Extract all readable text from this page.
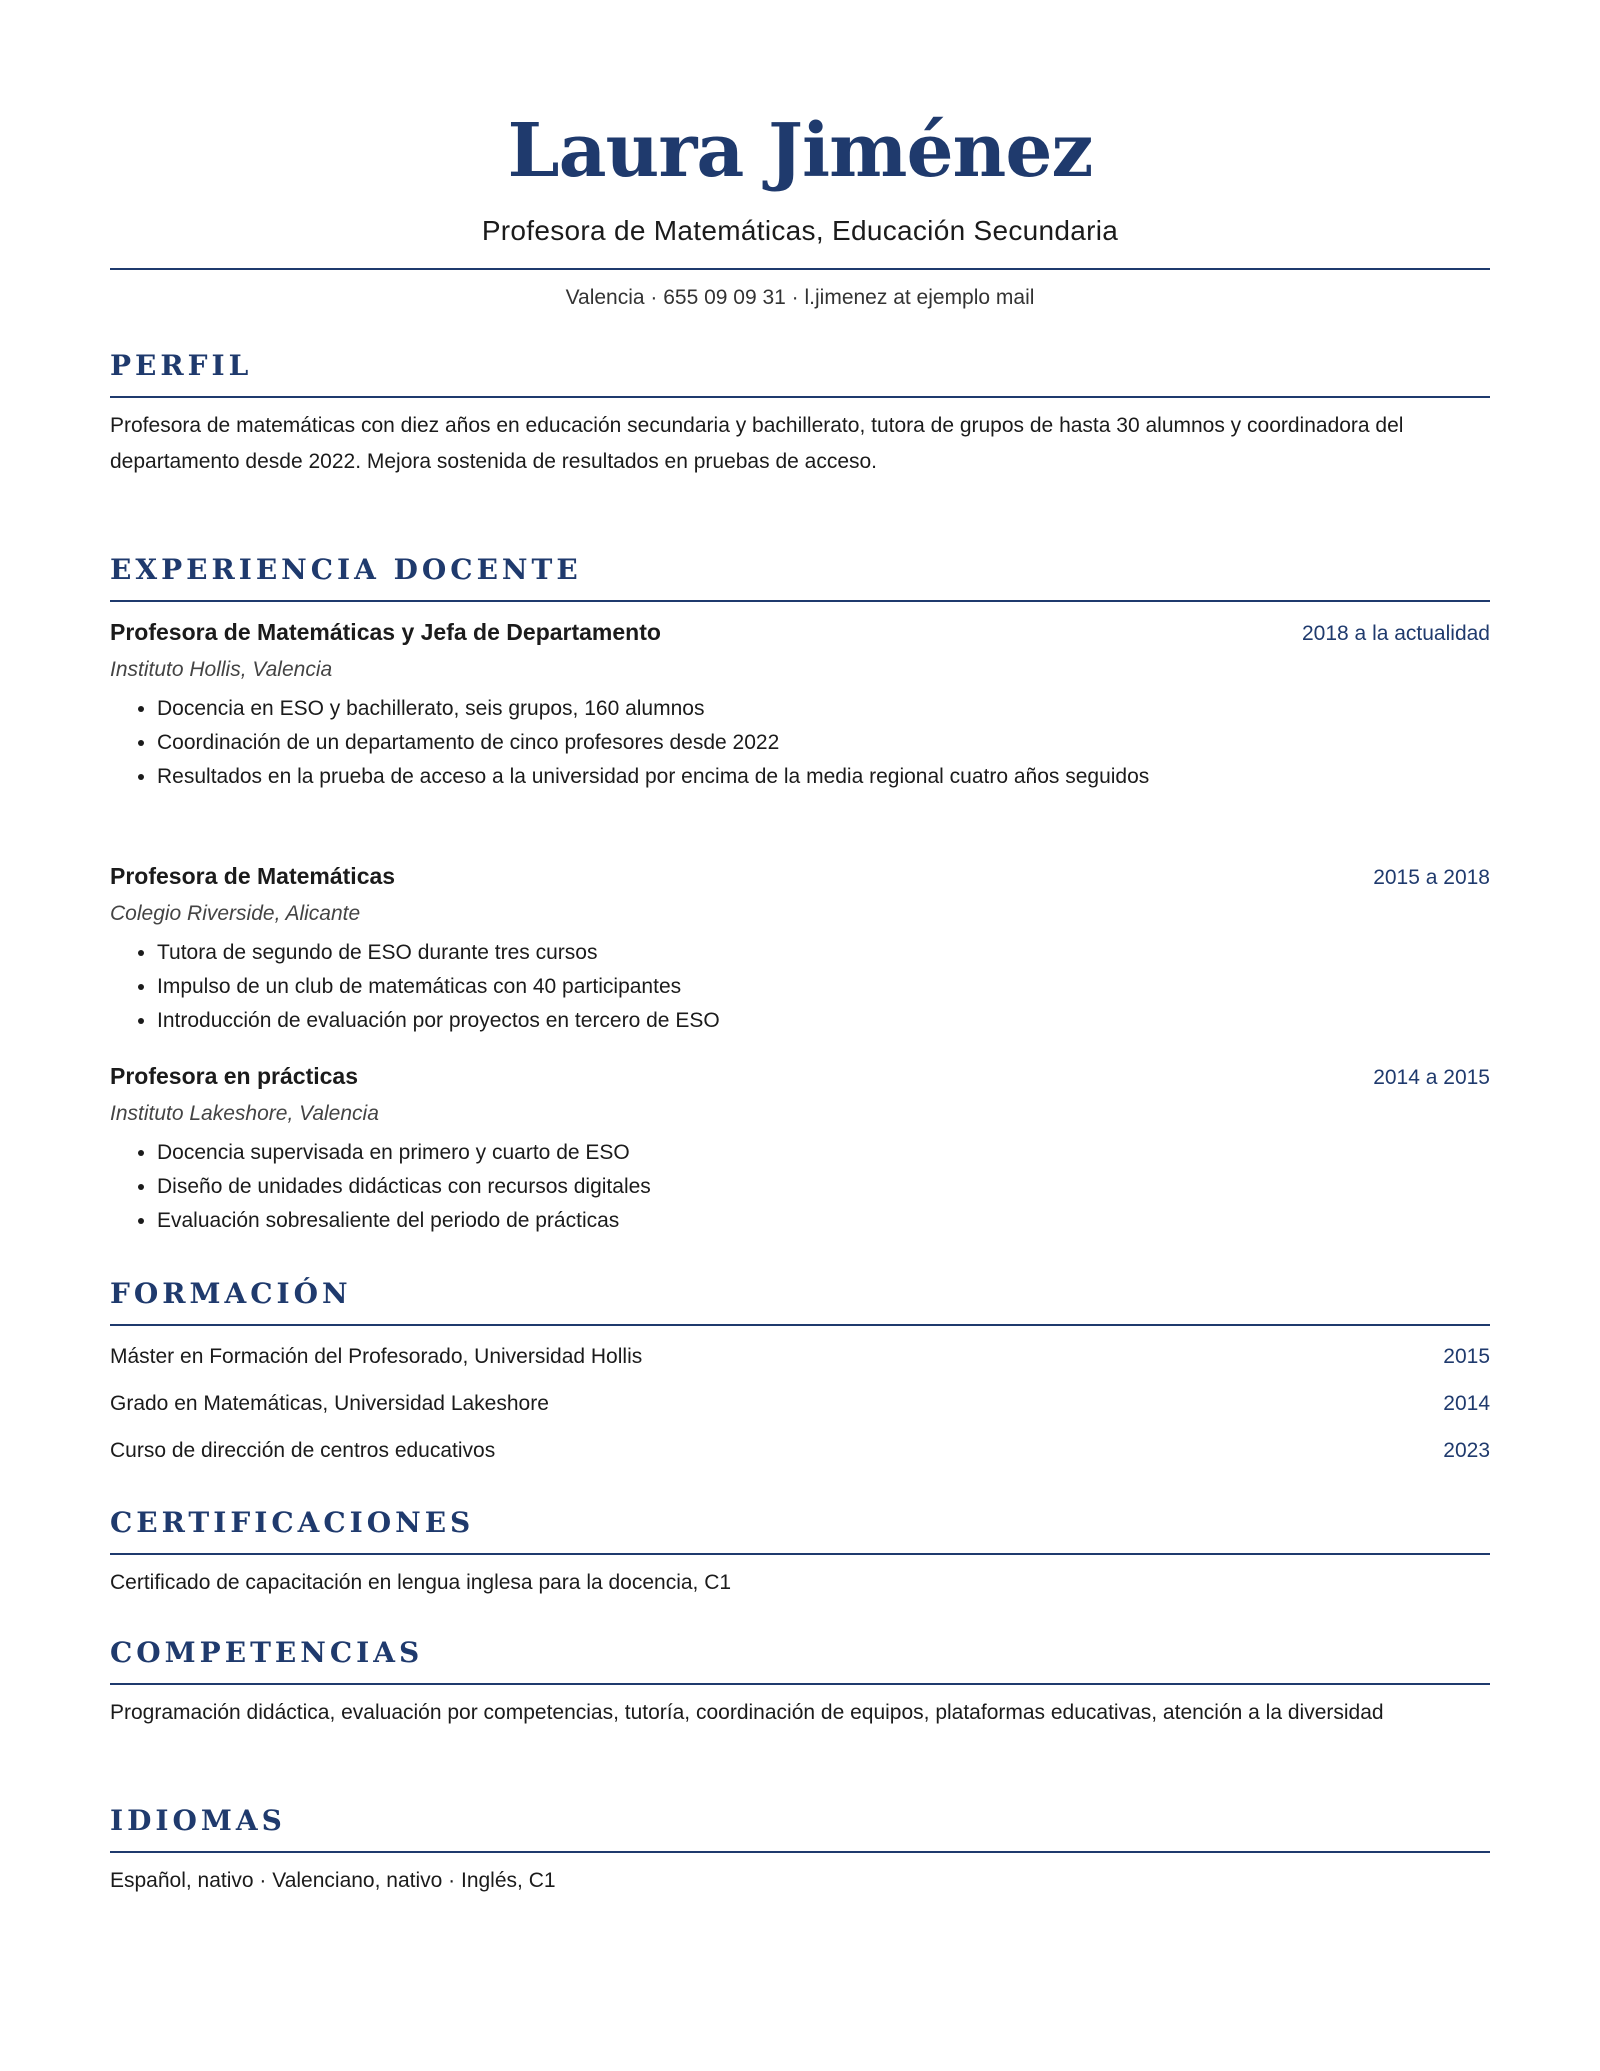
Laura Jiménez
Profesora de Matemáticas, Educación Secundaria
Valencia · 655 09 09 31 · l.jimenez at ejemplo mail
PERFIL
Profesora de matemáticas con diez años en educación secundaria y bachillerato, tutora de grupos de hasta 30 alumnos y coordinadora del departamento desde 2022. Mejora sostenida de resultados en pruebas de acceso.
EXPERIENCIA DOCENTE
Profesora de Matemáticas y Jefa de Departamento	2018 a la actualidad
Instituto Hollis, Valencia
• Docencia en ESO y bachillerato, seis grupos, 160 alumnos
• Coordinación de un departamento de cinco profesores desde 2022
• Resultados en la prueba de acceso a la universidad por encima de la media regional cuatro años seguidos
Profesora de Matemáticas	2015 a 2018
Colegio Riverside, Alicante
• Tutora de segundo de ESO durante tres cursos
• Impulso de un club de matemáticas con 40 participantes
• Introducción de evaluación por proyectos en tercero de ESO
Profesora en prácticas	2014 a 2015
Instituto Lakeshore, Valencia
• Docencia supervisada en primero y cuarto de ESO
• Diseño de unidades didácticas con recursos digitales
• Evaluación sobresaliente del periodo de prácticas
FORMACIÓN
Máster en Formación del Profesorado, Universidad Hollis	2015
Grado en Matemáticas, Universidad Lakeshore	2014
Curso de dirección de centros educativos	2023
CERTIFICACIONES
Certificado de capacitación en lengua inglesa para la docencia, C1
COMPETENCIAS
Programación didáctica, evaluación por competencias, tutoría, coordinación de equipos, plataformas educativas, atención a la diversidad
IDIOMAS
Español, nativo · Valenciano, nativo · Inglés, C1
